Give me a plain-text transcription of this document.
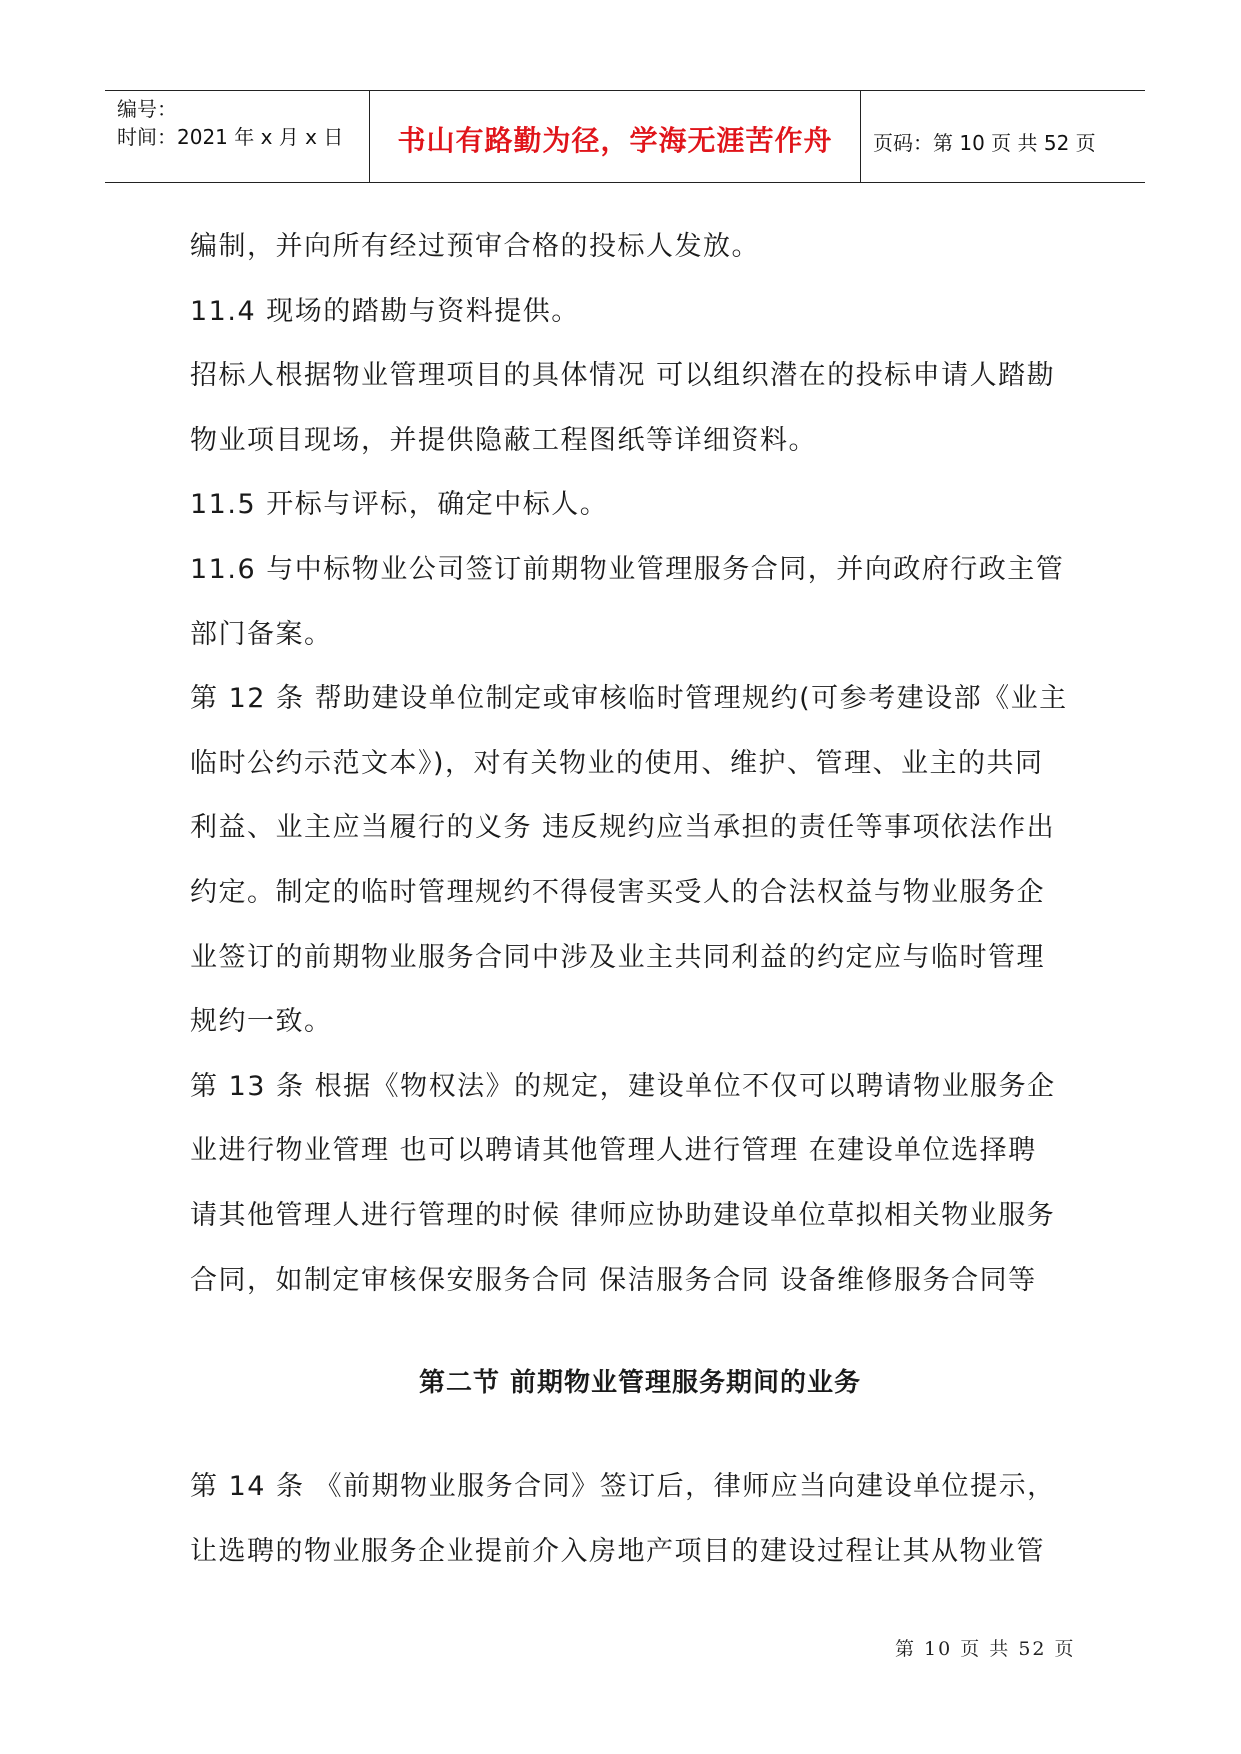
编号：
时间：2021 年 x 月 x 日	书山有路勤为径，学海无涯苦作舟	页码：第 10 页 共 52 页

编制，并向所有经过预审合格的投标人发放。

11.4 现场的踏勘与资料提供。

招标人根据物业管理项目的具体情况 可以组织潜在的投标申请人踏勘

物业项目现场，并提供隐蔽工程图纸等详细资料。

11.5 开标与评标，确定中标人。

11.6 与中标物业公司签订前期物业管理服务合同，并向政府行政主管

部门备案。

第 12 条 帮助建设单位制定或审核临时管理规约(可参考建设部《业主

临时公约示范文本》)，对有关物业的使用、维护、管理、业主的共同

利益、业主应当履行的义务 违反规约应当承担的责任等事项依法作出

约定。制定的临时管理规约不得侵害买受人的合法权益与物业服务企

业签订的前期物业服务合同中涉及业主共同利益的约定应与临时管理

规约一致。

第 13 条 根据《物权法》的规定，建设单位不仅可以聘请物业服务企

业进行物业管理 也可以聘请其他管理人进行管理 在建设单位选择聘

请其他管理人进行管理的时候 律师应协助建设单位草拟相关物业服务

合同，如制定审核保安服务合同 保洁服务合同 设备维修服务合同等

第二节 前期物业管理服务期间的业务

第 14 条 《前期物业服务合同》签订后，律师应当向建设单位提示，

让选聘的物业服务企业提前介入房地产项目的建设过程让其从物业管

第 10 页 共 52 页
